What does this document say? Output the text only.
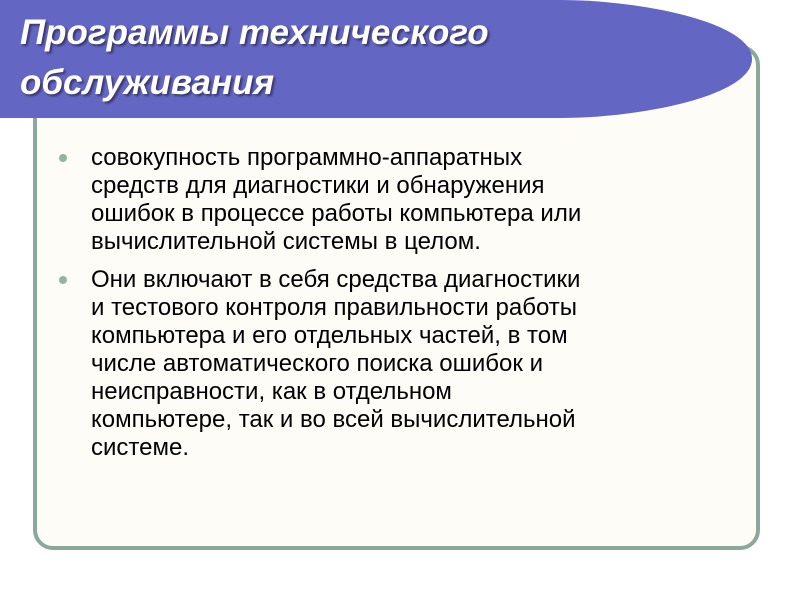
Программы технического
обслуживания
совокупность программно-аппаратных
средств для диагностики и обнаружения
ошибок в процессе работы компьютера или
вычислительной системы в целом.
Они включают в себя средства диагностики
и тестового контроля правильности работы
компьютера и его отдельных частей, в том
числе автоматического поиска ошибок и
неисправности, как в отдельном
компьютере, так и во всей вычислительной
системе.
